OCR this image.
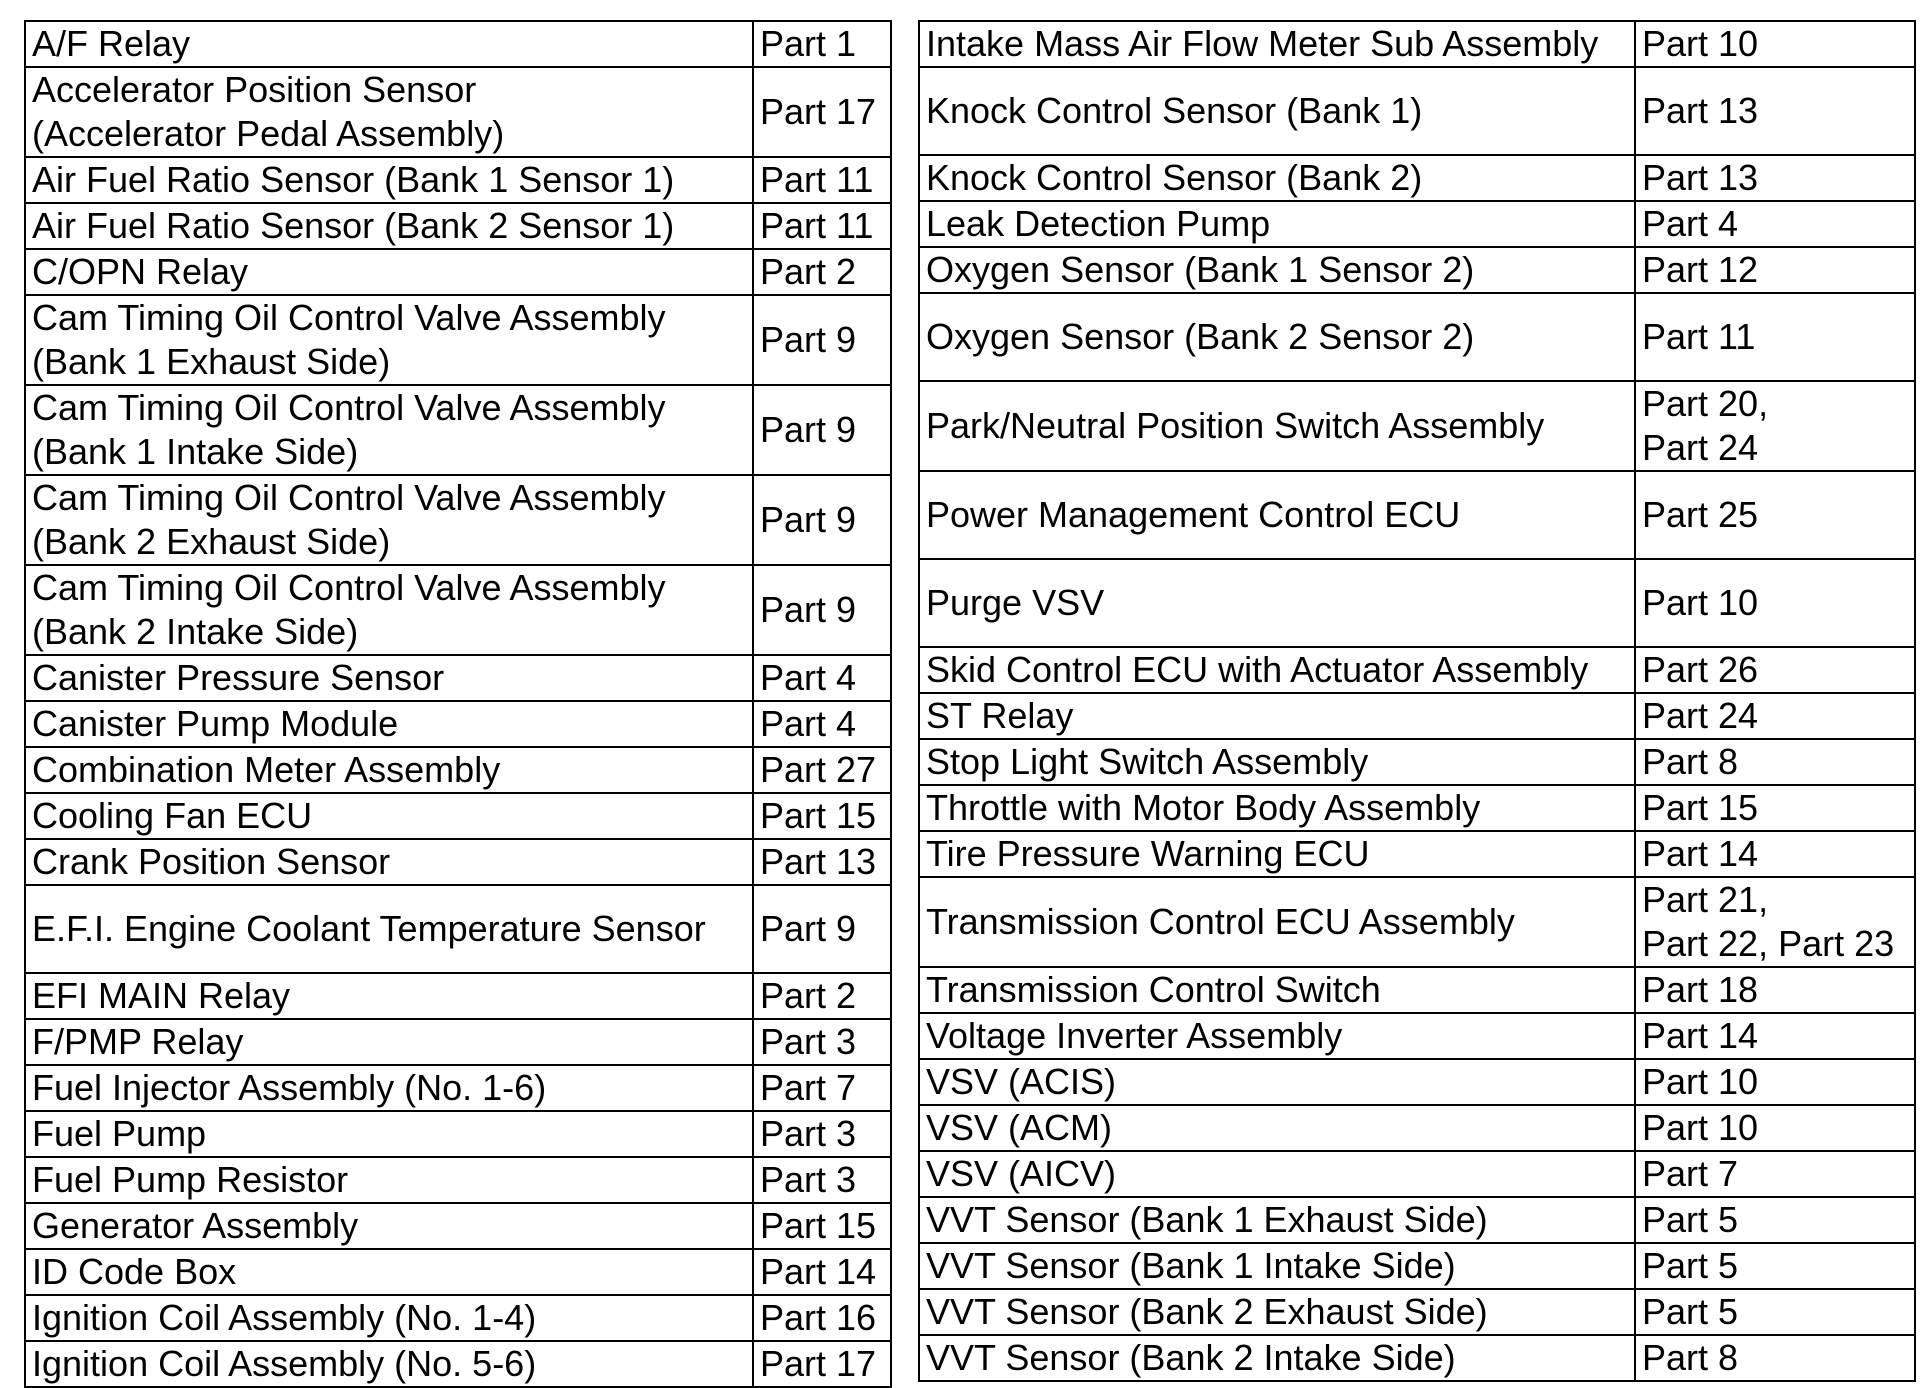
A/F Relay	Part 1

Accelerator Position Sensor
(Accelerator Pedal Assembly)	Part 17

Air Fuel Ratio Sensor (Bank 1 Sensor 1)	Part 11

Air Fuel Ratio Sensor (Bank 2 Sensor 1)	Part 11

C/OPN Relay	Part 2

Cam Timing Oil Control Valve Assembly
(Bank 1 Exhaust Side)	Part 9

Cam Timing Oil Control Valve Assembly
(Bank 1 Intake Side)	Part 9

Cam Timing Oil Control Valve Assembly
(Bank 2 Exhaust Side)	Part 9

Cam Timing Oil Control Valve Assembly
(Bank 2 Intake Side)	Part 9

Canister Pressure Sensor	Part 4

Canister Pump Module	Part 4

Combination Meter Assembly	Part 27

Cooling Fan ECU	Part 15

Crank Position Sensor	Part 13

E.F.I. Engine Coolant Temperature Sensor	Part 9

EFI MAIN Relay	Part 2

F/PMP Relay	Part 3

Fuel Injector Assembly (No. 1-6)	Part 7

Fuel Pump	Part 3

Fuel Pump Resistor	Part 3

Generator Assembly	Part 15

ID Code Box	Part 14

Ignition Coil Assembly (No. 1-4)	Part 16

Ignition Coil Assembly (No. 5-6)	Part 17
Intake Mass Air Flow Meter Sub Assembly	Part 10

Knock Control Sensor (Bank 1)	Part 13

Knock Control Sensor (Bank 2)	Part 13

Leak Detection Pump	Part 4

Oxygen Sensor (Bank 1 Sensor 2)	Part 12

Oxygen Sensor (Bank 2 Sensor 2)	Part 11

Park/Neutral Position Switch Assembly	Part 20,
Part 24

Power Management Control ECU	Part 25

Purge VSV	Part 10

Skid Control ECU with Actuator Assembly	Part 26

ST Relay	Part 24

Stop Light Switch Assembly	Part 8

Throttle with Motor Body Assembly	Part 15

Tire Pressure Warning ECU	Part 14

Transmission Control ECU Assembly	Part 21,
Part 22, Part 23

Transmission Control Switch	Part 18

Voltage Inverter Assembly	Part 14

VSV (ACIS)	Part 10

VSV (ACM)	Part 10

VSV (AICV)	Part 7

VVT Sensor (Bank 1 Exhaust Side)	Part 5

VVT Sensor (Bank 1 Intake Side)	Part 5

VVT Sensor (Bank 2 Exhaust Side)	Part 5

VVT Sensor (Bank 2 Intake Side)	Part 8
